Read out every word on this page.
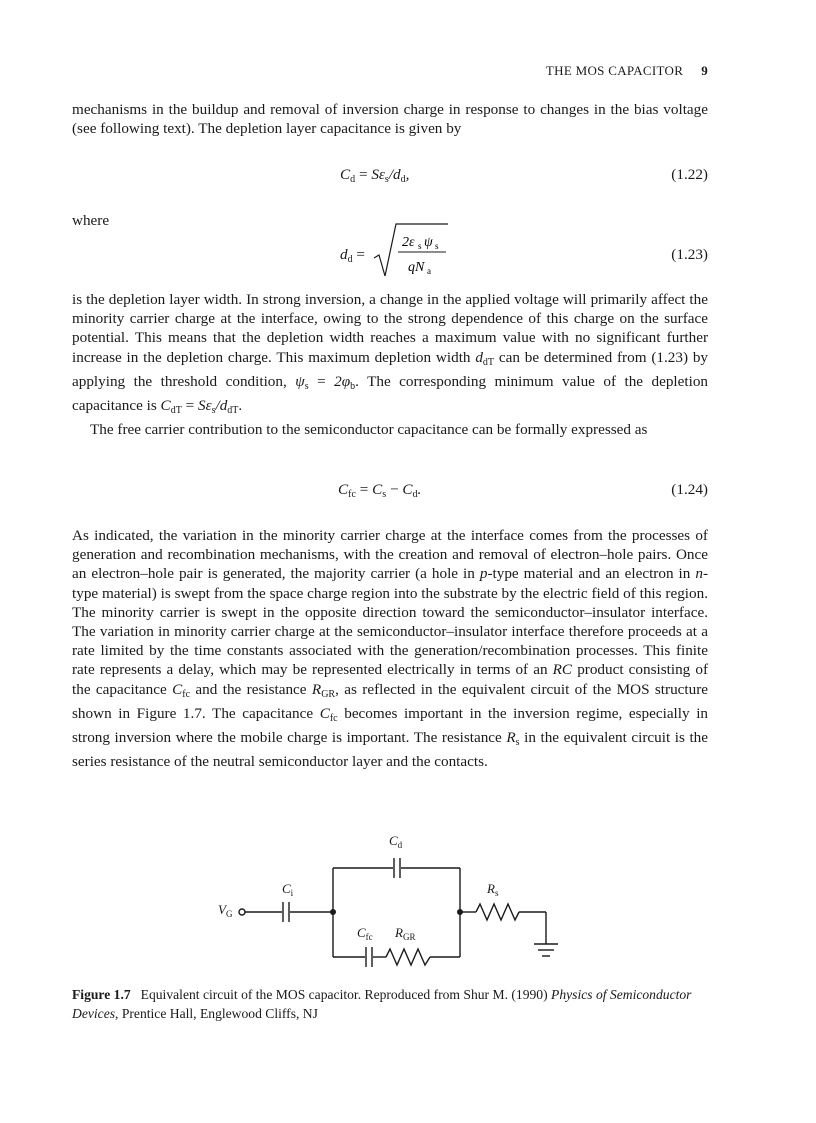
THE MOS CAPACITOR 9
mechanisms in the buildup and removal of inversion charge in response to changes in the bias voltage (see following text). The depletion layer capacitance is given by
$C_d = S\varepsilon_s/d_d$,	(1.22)
where
$d_d$ =
2ε s ψ s
qN a
(1.23)
is the depletion layer width. In strong inversion, a change in the applied voltage will primarily affect the minority carrier charge at the interface, owing to the strong dependence of this charge on the surface potential. This means that the depletion width reaches a maximum value with no significant further increase in the depletion charge. This maximum depletion width $d_{dT}$ can be determined from (1.23) by applying the threshold condition, $\psi_s = 2\varphi_b$. The corresponding minimum value of the depletion capacitance is $C_{dT} = S\varepsilon_s/d_{dT}$.
The free carrier contribution to the semiconductor capacitance can be formally expressed as
$C_{fc} = C_s - C_d$.	(1.24)
As indicated, the variation in the minority carrier charge at the interface comes from the processes of generation and recombination mechanisms, with the creation and removal of electron–hole pairs. Once an electron–hole pair is generated, the majority carrier (a hole in p-type material and an electron in n-type material) is swept from the space charge region into the substrate by the electric field of this region. The minority carrier is swept in the opposite direction toward the semiconductor–insulator interface. The variation in minority carrier charge at the semiconductor–insulator interface therefore proceeds at a rate limited by the time constants associated with the generation/recombination processes. This finite rate represents a delay, which may be represented electrically in terms of an RC product consisting of the capacitance $C_{fc}$ and the resistance $R_{GR}$, as reflected in the equivalent circuit of the MOS structure shown in Figure 1.7. The capacitance $C_{fc}$ becomes important in the inversion regime, especially in strong inversion where the mobile charge is important. The resistance $R_s$ in the equivalent circuit is the series resistance of the neutral semiconductor layer and the contacts.
$C_d$
$C_i$	$R_s$
$V_G$
$C_{fc}$ $R_{GR}$
Figure 1.7 Equivalent circuit of the MOS capacitor. Reproduced from Shur M. (1990) Physics of Semiconductor Devices, Prentice Hall, Englewood Cliffs, NJ
